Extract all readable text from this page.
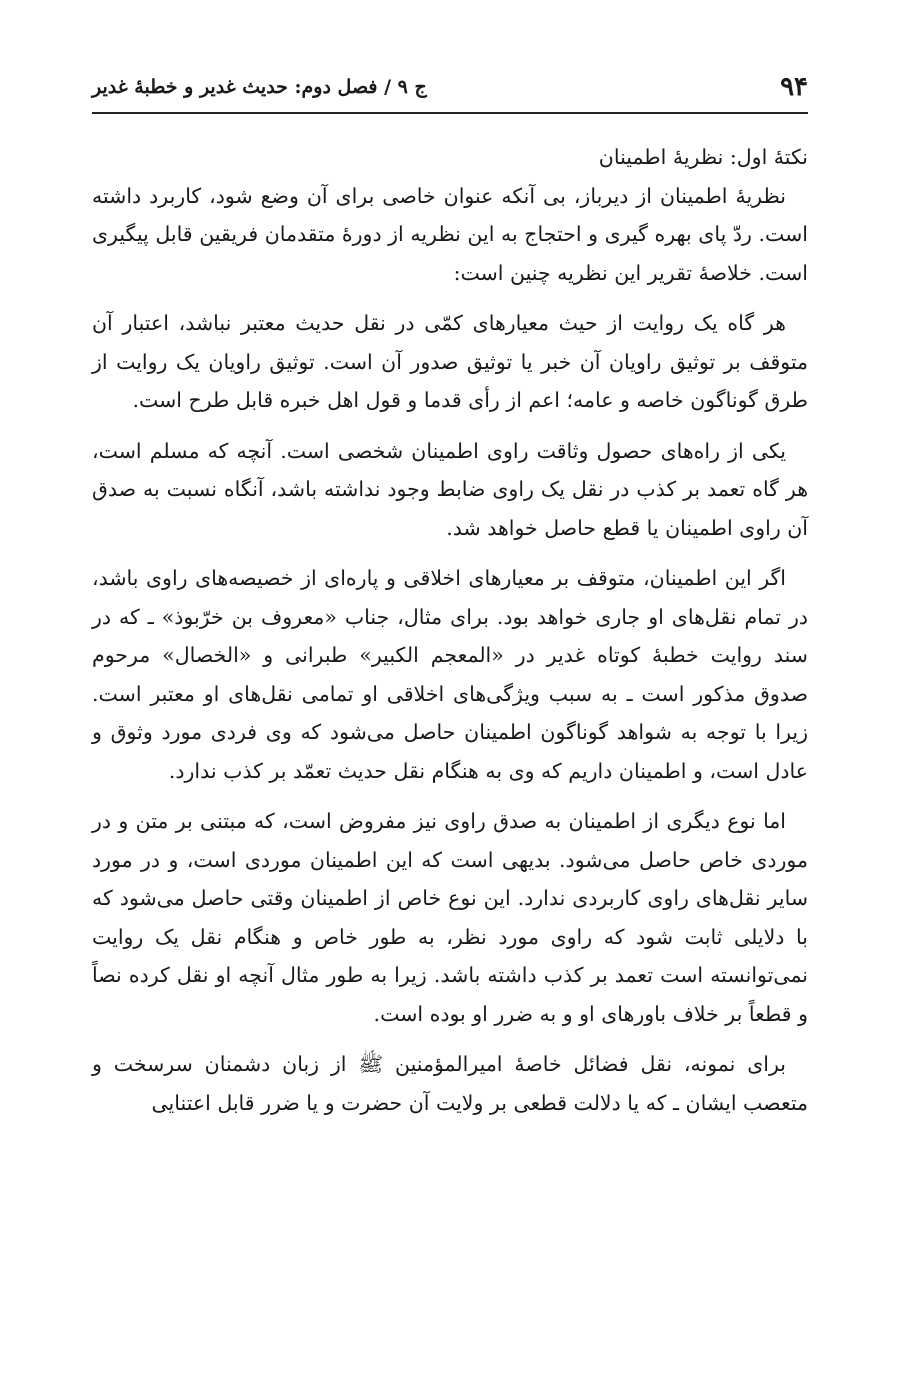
۹۴
ج ۹ / فصل دوم: حدیث غدیر و خطبهٔ غدیر

نکتهٔ اول: نظریهٔ اطمینان

نظریهٔ اطمینان از دیرباز، بی آنکه عنوان خاصی برای آن وضع شود، کاربرد داشته است. ردّ پای بهره گیری و احتجاج به این نظریه از دورهٔ متقدمان فریقین قابل پیگیری است. خلاصهٔ تقریر این نظریه چنین است:

هر گاه یک روایت از حیث معیارهای کمّی در نقل حدیث معتبر نباشد، اعتبار آن متوقف بر توثیق راویان آن خبر یا توثیق صدور آن است. توثیق راویان یک روایت از طرق گوناگون خاصه و عامه؛ اعم از رأی قدما و قول اهل خبره قابل طرح است.

یکی از راه‌های حصول وثاقت راوی اطمینان شخصی است. آنچه که مسلم است، هر گاه تعمد بر کذب در نقل یک راوی ضابط وجود نداشته باشد، آنگاه نسبت به صدق آن راوی اطمینان یا قطع حاصل خواهد شد.

اگر این اطمینان، متوقف بر معیارهای اخلاقی و پاره‌ای از خصیصه‌های راوی باشد، در تمام نقل‌های او جاری خواهد بود. برای مثال، جناب «معروف بن خرّبوذ» ـ که در سند روایت خطبهٔ کوتاه غدیر در «المعجم الکبیر» طبرانی و «الخصال» مرحوم صدوق مذکور است ـ به سبب ویژگی‌های اخلاقی او تمامی نقل‌های او معتبر است. زیرا با توجه به شواهد گوناگون اطمینان حاصل می‌شود که وی فردی مورد وثوق و عادل است، و اطمینان داریم که وی به هنگام نقل حدیث تعمّد بر کذب ندارد.

اما نوع دیگری از اطمینان به صدق راوی نیز مفروض است، که مبتنی بر متن و در موردی خاص حاصل می‌شود. بدیهی است که این اطمینان موردی است، و در مورد سایر نقل‌های راوی کاربردی ندارد. این نوع خاص از اطمینان وقتی حاصل می‌شود که با دلایلی ثابت شود که راوی مورد نظر، به طور خاص و هنگام نقل یک روایت نمی‌توانسته است تعمد بر کذب داشته باشد. زیرا به طور مثال آنچه او نقل کرده نصاً و قطعاً بر خلاف باورهای او و به ضرر او بوده است.

برای نمونه، نقل فضائل خاصهٔ امیرالمؤمنین ﷺ از زبان دشمنان سرسخت و متعصب ایشان ـ که یا دلالت قطعی بر ولایت آن حضرت و یا ضرر قابل اعتنایی
